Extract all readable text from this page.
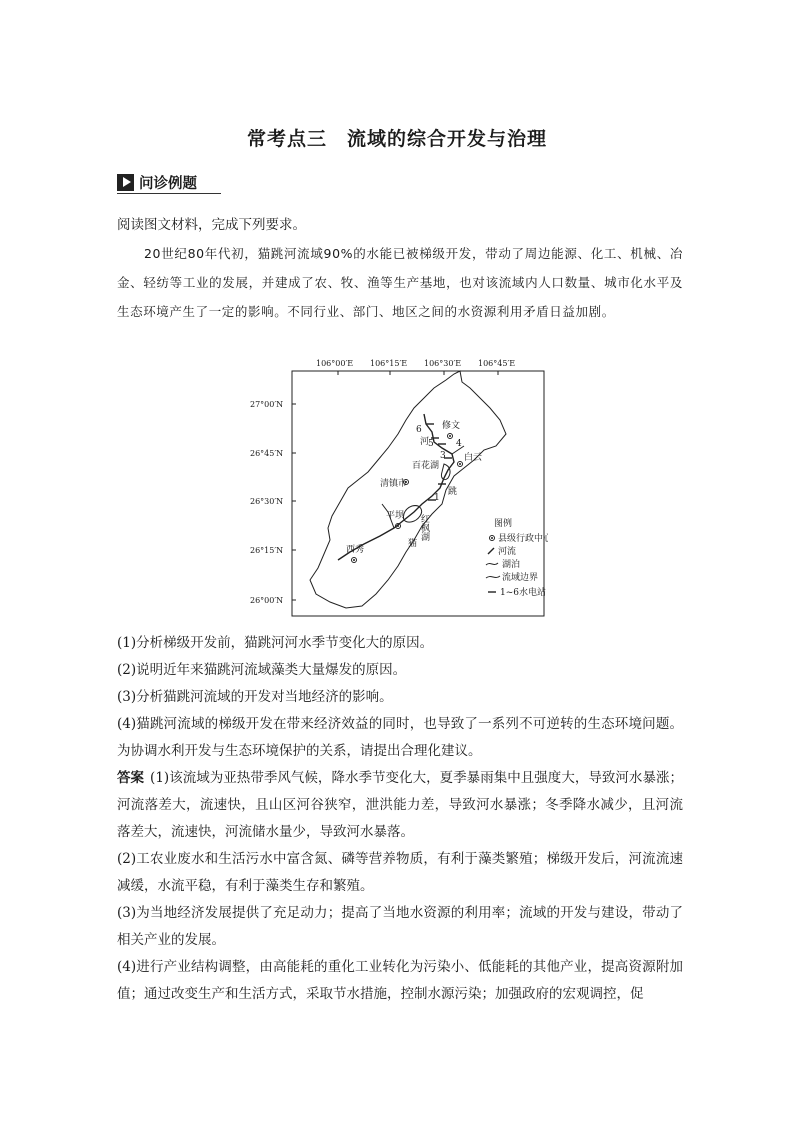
常考点三　流域的综合开发与治理
问诊例题
阅读图文材料，完成下列要求。
20世纪80年代初，猫跳河流域90%的水能已被梯级开发，带动了周边能源、化工、机械、冶金、轻纺等工业的发展，并建成了农、牧、渔等生产基地，也对该流域内人口数量、城市化水平及生态环境产生了一定的影响。不同行业、部门、地区之间的水资源利用矛盾日益加剧。
106°00′E 106°15′E 106°30′E 106°45′E
27°00′N
26°45′N
26°30′N
26°15′N
26°00′N
6
5 4
3
1
修文
白云
百花湖
清镇市
平坝
西秀
河
跳
猫
红枫湖	图例
县级行政中心
河流
湖泊
流域边界
1~6水电站
(1)分析梯级开发前，猫跳河河水季节变化大的原因。
(2)说明近年来猫跳河流域藻类大量爆发的原因。
(3)分析猫跳河流域的开发对当地经济的影响。
(4)猫跳河流域的梯级开发在带来经济效益的同时，也导致了一系列不可逆转的生态环境问题。为协调水利开发与生态环境保护的关系，请提出合理化建议。
答案 (1)该流域为亚热带季风气候，降水季节变化大，夏季暴雨集中且强度大，导致河水暴涨；河流落差大，流速快，且山区河谷狭窄，泄洪能力差，导致河水暴涨；冬季降水减少，且河流落差大，流速快，河流储水量少，导致河水暴落。
(2)工农业废水和生活污水中富含氮、磷等营养物质，有利于藻类繁殖；梯级开发后，河流流速减缓，水流平稳，有利于藻类生存和繁殖。
(3)为当地经济发展提供了充足动力；提高了当地水资源的利用率；流域的开发与建设，带动了相关产业的发展。
(4)进行产业结构调整，由高能耗的重化工业转化为污染小、低能耗的其他产业，提高资源附加值；通过改变生产和生活方式，采取节水措施，控制水源污染；加强政府的宏观调控，促
